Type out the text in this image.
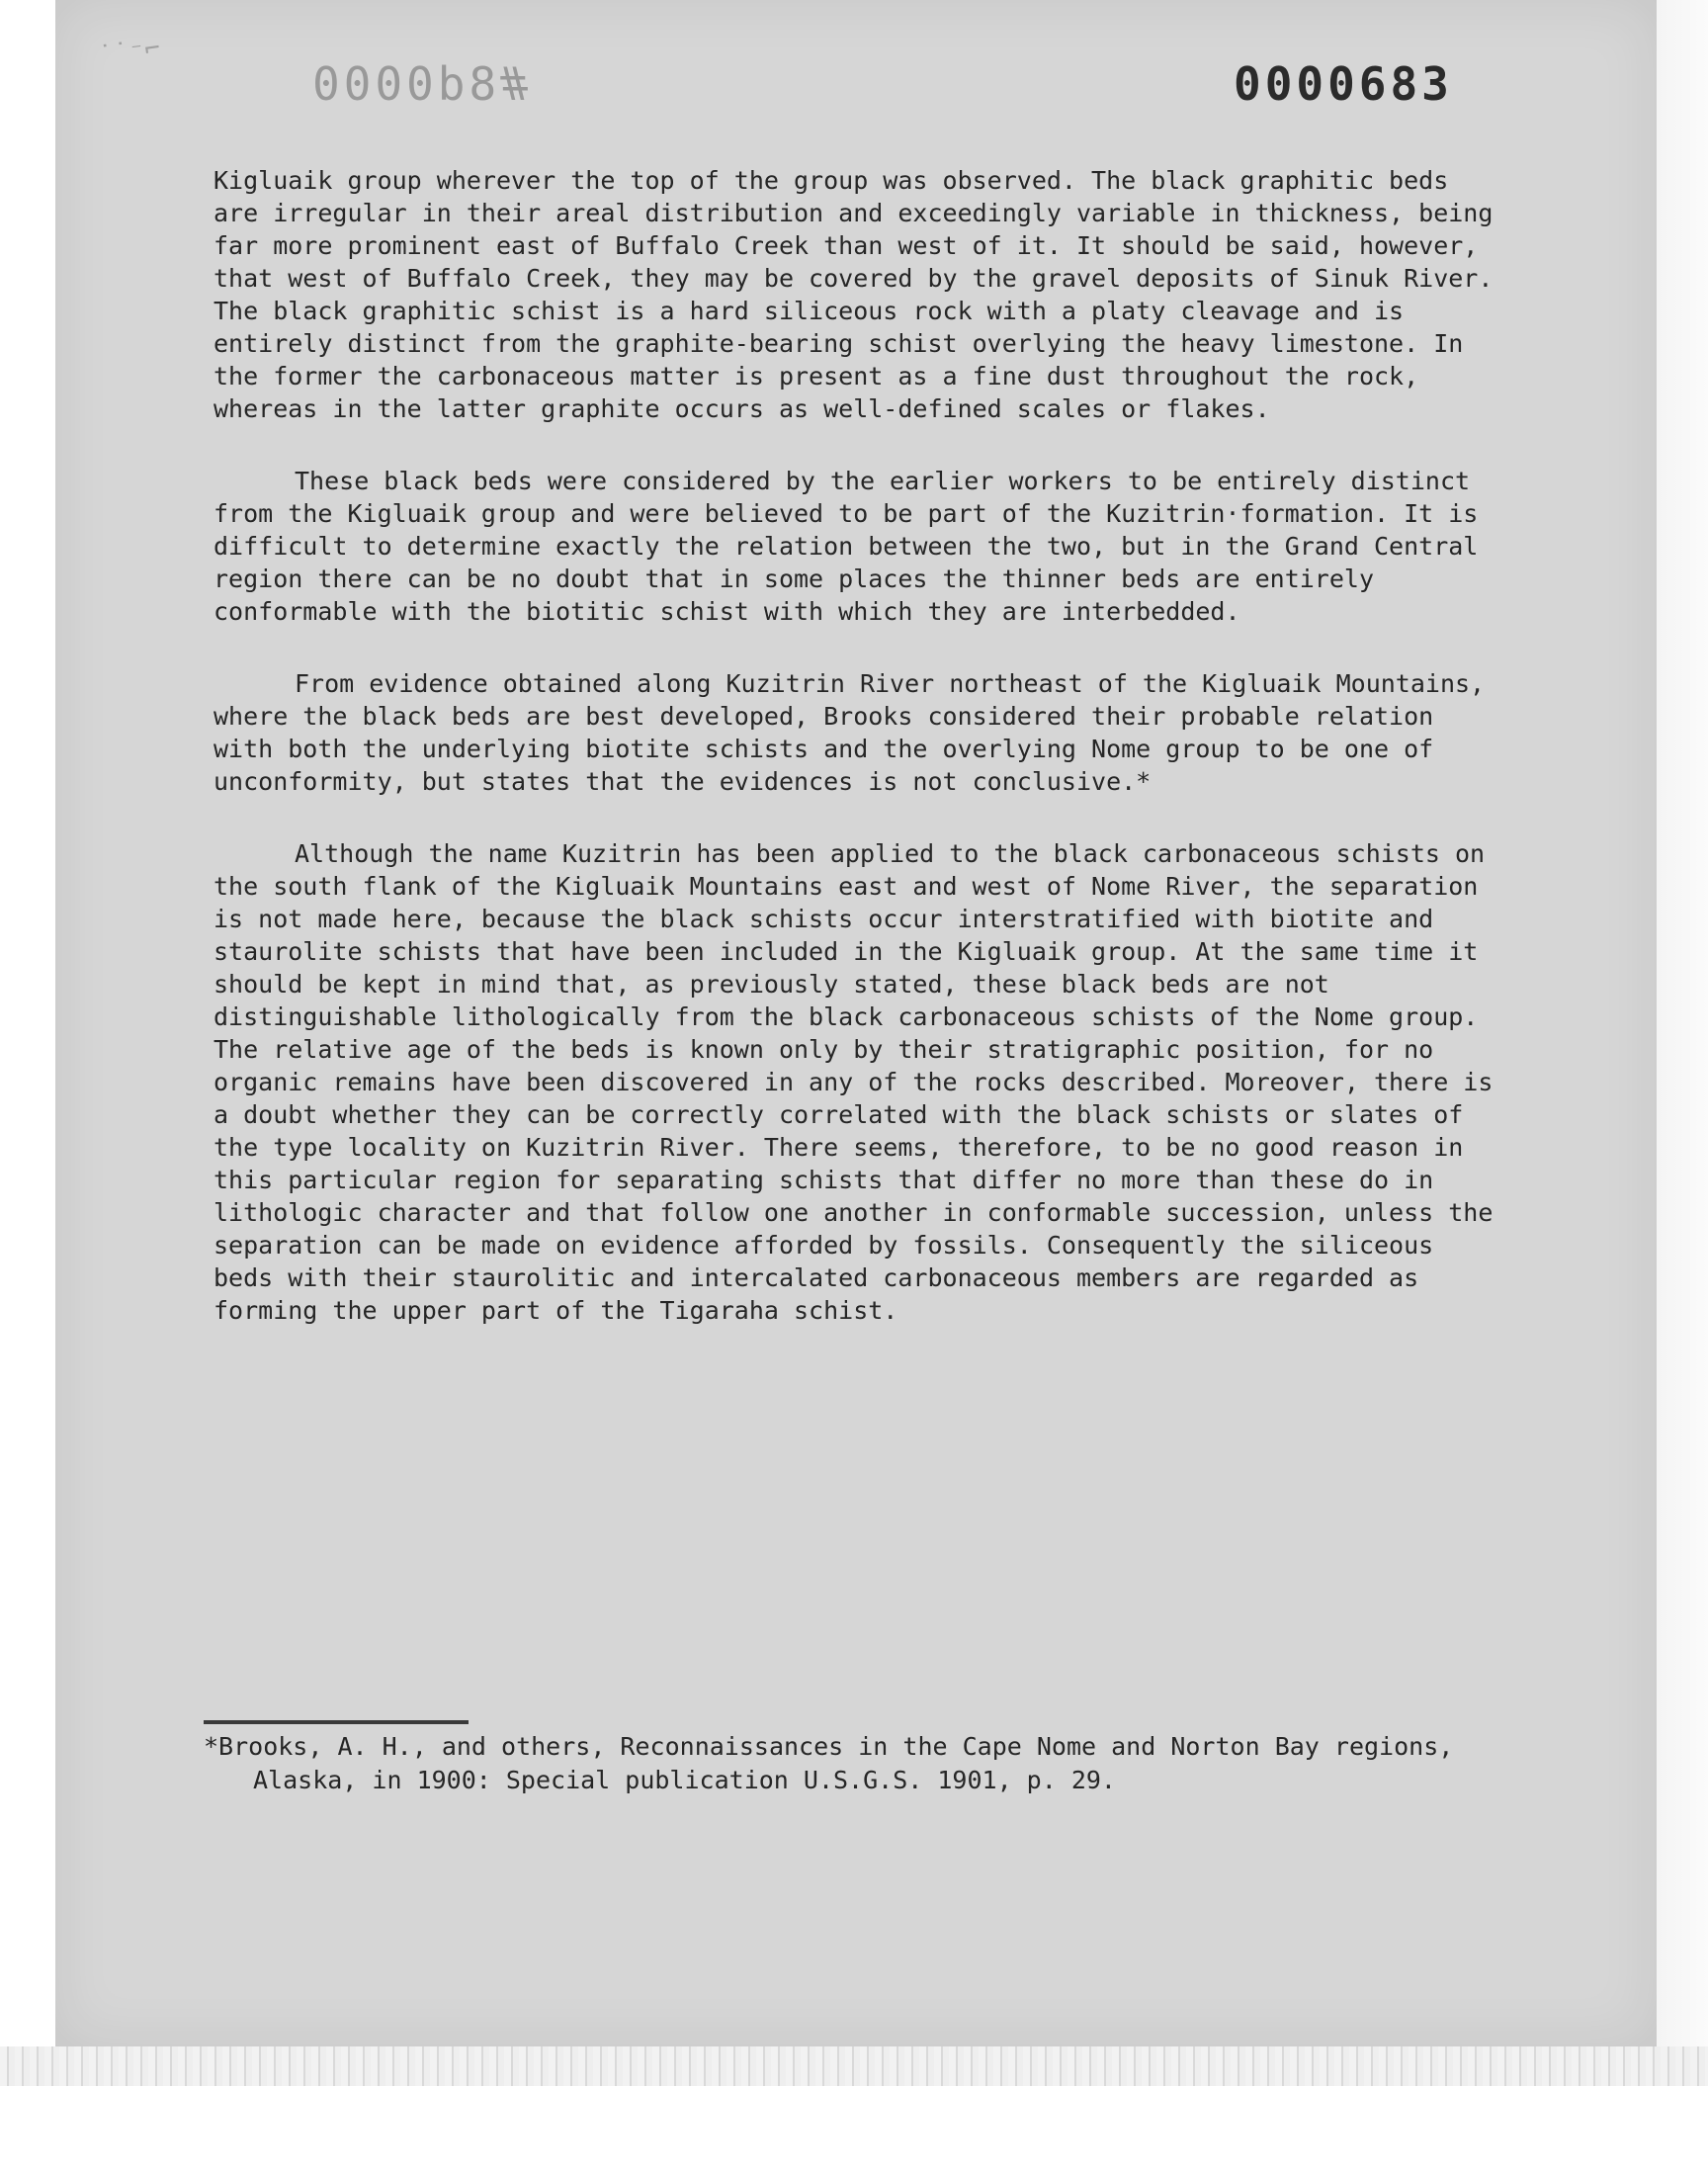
˙˙⁻⌐
#8d0000	0000683

Kigluaik group wherever the top of the group was observed. The black graphitic beds are irregular in their areal distribution and exceedingly variable in thickness, being far more prominent east of Buffalo Creek than west of it. It should be said, however, that west of Buffalo Creek, they may be covered by the gravel deposits of Sinuk River. The black graphitic schist is a hard siliceous rock with a platy cleavage and is entirely distinct from the graphite-bearing schist overlying the heavy limestone. In the former the carbonaceous matter is present as a fine dust throughout the rock, whereas in the latter graphite occurs as well-defined scales or flakes.

These black beds were considered by the earlier workers to be entirely distinct from the Kigluaik group and were believed to be part of the Kuzitrin·formation. It is difficult to determine exactly the relation between the two, but in the Grand Central region there can be no doubt that in some places the thinner beds are entirely conformable with the biotitic schist with which they are interbedded.

From evidence obtained along Kuzitrin River northeast of the Kigluaik Mountains, where the black beds are best developed, Brooks considered their probable relation with both the underlying biotite schists and the overlying Nome group to be one of unconformity, but states that the evidences is not conclusive.*

Although the name Kuzitrin has been applied to the black carbonaceous schists on the south flank of the Kigluaik Mountains east and west of Nome River, the separation is not made here, because the black schists occur interstratified with biotite and staurolite schists that have been included in the Kigluaik group. At the same time it should be kept in mind that, as previously stated, these black beds are not distinguishable lithologically from the black carbonaceous schists of the Nome group. The relative age of the beds is known only by their stratigraphic position, for no organic remains have been discovered in any of the rocks described. Moreover, there is a doubt whether they can be correctly correlated with the black schists or slates of the type locality on Kuzitrin River. There seems, therefore, to be no good reason in this particular region for separating schists that differ no more than these do in lithologic character and that follow one another in conformable succession, unless the separation can be made on evidence afforded by fossils. Consequently the siliceous beds with their staurolitic and intercalated carbonaceous members are regarded as forming the upper part of the Tigaraha schist.

*Brooks, A. H., and others, Reconnaissances in the Cape Nome and Norton Bay regions, Alaska, in 1900: Special publication U.S.G.S. 1901, p. 29.
